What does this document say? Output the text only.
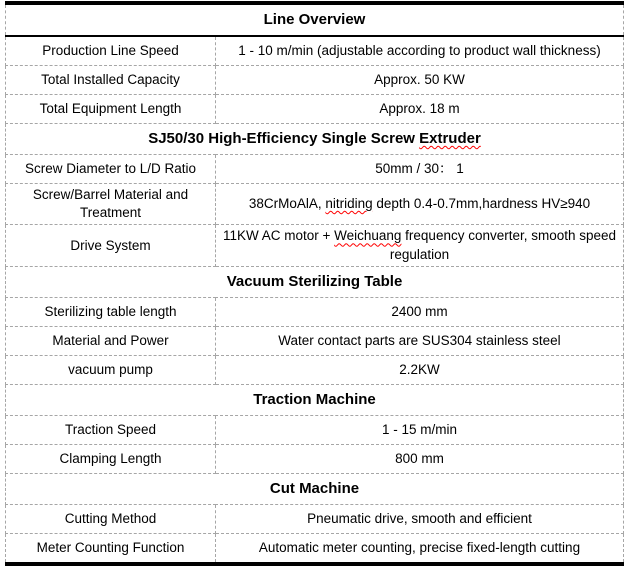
Line Overview	
Production Line Speed	1 - 10 m/min (adjustable according to product wall thickness)
Total Installed Capacity	Approx. 50 KW
Total Equipment Length	Approx. 18 m
SJ50/30 High-Efficiency Single Screw Extruder	
Screw Diameter to L/D Ratio	50mm / 30： 1
Screw/Barrel Material and Treatment	38CrMoAlA, nitriding depth 0.4-0.7mm,hardness HV≥940
Drive System	11KW AC motor + Weichuang frequency converter, smooth speed regulation
Vacuum Sterilizing Table	
Sterilizing table length	2400 mm
Material and Power	Water contact parts are SUS304 stainless steel
vacuum pump	2.2KW
Traction Machine	
Traction Speed	1 - 15 m/min
Clamping Length	800 mm
Cut Machine	
Cutting Method	Pneumatic drive, smooth and efficient
Meter Counting Function	Automatic meter counting, precise fixed-length cutting
